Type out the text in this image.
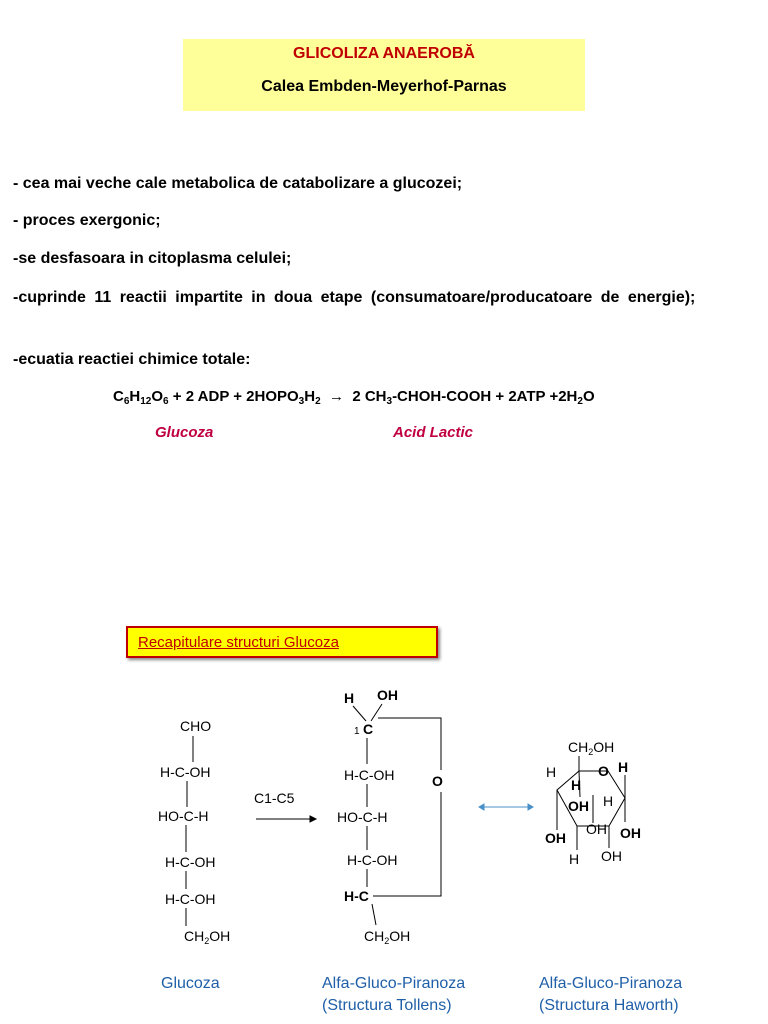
GLICOLIZA ANAEROBĂ
Calea Embden-Meyerhof-Parnas
- cea mai veche cale metabolica de catabolizare a glucozei;
- proces exergonic;
-se desfasoara in citoplasma celulei;
-cuprinde 11 reactii impartite in doua etape (consumatoare/producatoare de energie);
-ecuatia reactiei chimice totale:
$C_6H_{12}O_6 + 2$ ADP + $2HOPO_3H_2 \to 2$ $CH_3-CHOH$-COOH + $2ATP +2H_2O$
Glucoza	Acid Lactic
Recapitulare structuri Glucoza
CHO
H-C-OH
HO-C-H
H-C-OH
H-C-OH
$CH_2OH$
C1-C5
H OH
1 C
H-C-OH
HO-C-H
H-C-OH
H-C
$CH_2OH$
O
$CH_2OH$
H
H
O H
OH H
OH
OH
OH
H
OH
Glucoza	Alfa-Gluco-Piranoza
(Structura Tollens)
Alfa-Gluco-Piranoza
(Structura Haworth)
